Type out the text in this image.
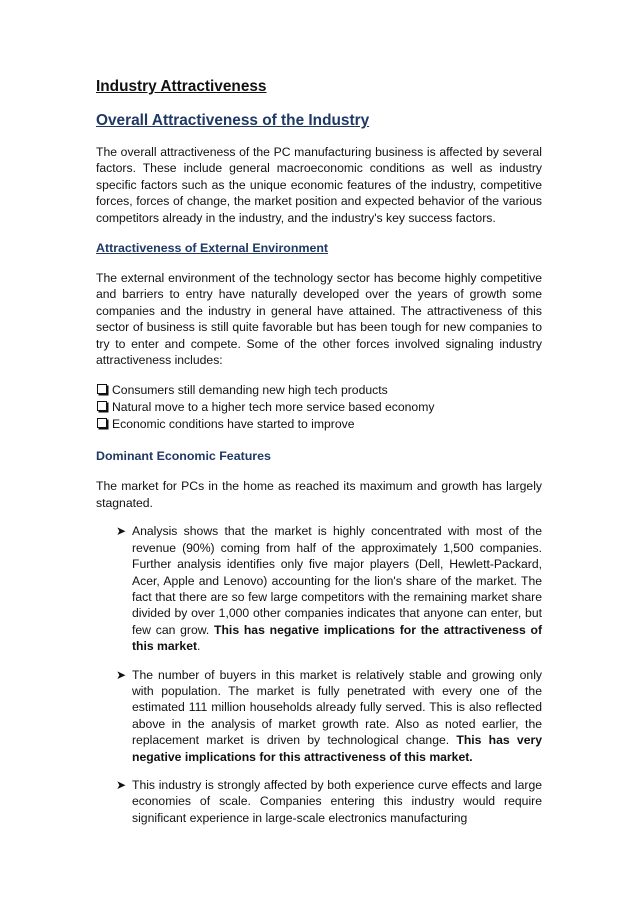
Industry Attractiveness
Overall Attractiveness of the Industry

The overall attractiveness of the PC manufacturing business is affected by several factors. These include general macroeconomic conditions as well as industry specific factors such as the unique economic features of the industry, competitive forces, forces of change, the market position and expected behavior of the various competitors already in the industry, and the industry's key success factors.

Attractiveness of External Environment

The external environment of the technology sector has become highly competitive and barriers to entry have naturally developed over the years of growth some companies and the industry in general have attained. The attractiveness of this sector of business is still quite favorable but has been tough for new companies to try to enter and compete. Some of the other forces involved signaling industry attractiveness includes:

Consumers still demanding new high tech products
Natural move to a higher tech more service based economy
Economic conditions have started to improve
Dominant Economic Features

The market for PCs in the home as reached its maximum and growth has largely stagnated.

➤ Analysis shows that the market is highly concentrated with most of the revenue (90%) coming from half of the approximately 1,500 companies. Further analysis identifies only five major players (Dell, Hewlett-Packard, Acer, Apple and Lenovo) accounting for the lion's share of the market. The fact that there are so few large competitors with the remaining market share divided by over 1,000 other companies indicates that anyone can enter, but few can grow. This has negative implications for the attractiveness of this market.
➤ The number of buyers in this market is relatively stable and growing only with population. The market is fully penetrated with every one of the estimated 111 million households already fully served. This is also reflected above in the analysis of market growth rate. Also as noted earlier, the replacement market is driven by technological change. This has very negative implications for this attractiveness of this market.
➤ This industry is strongly affected by both experience curve effects and large economies of scale. Companies entering this industry would require significant experience in large-scale electronics manufacturing
